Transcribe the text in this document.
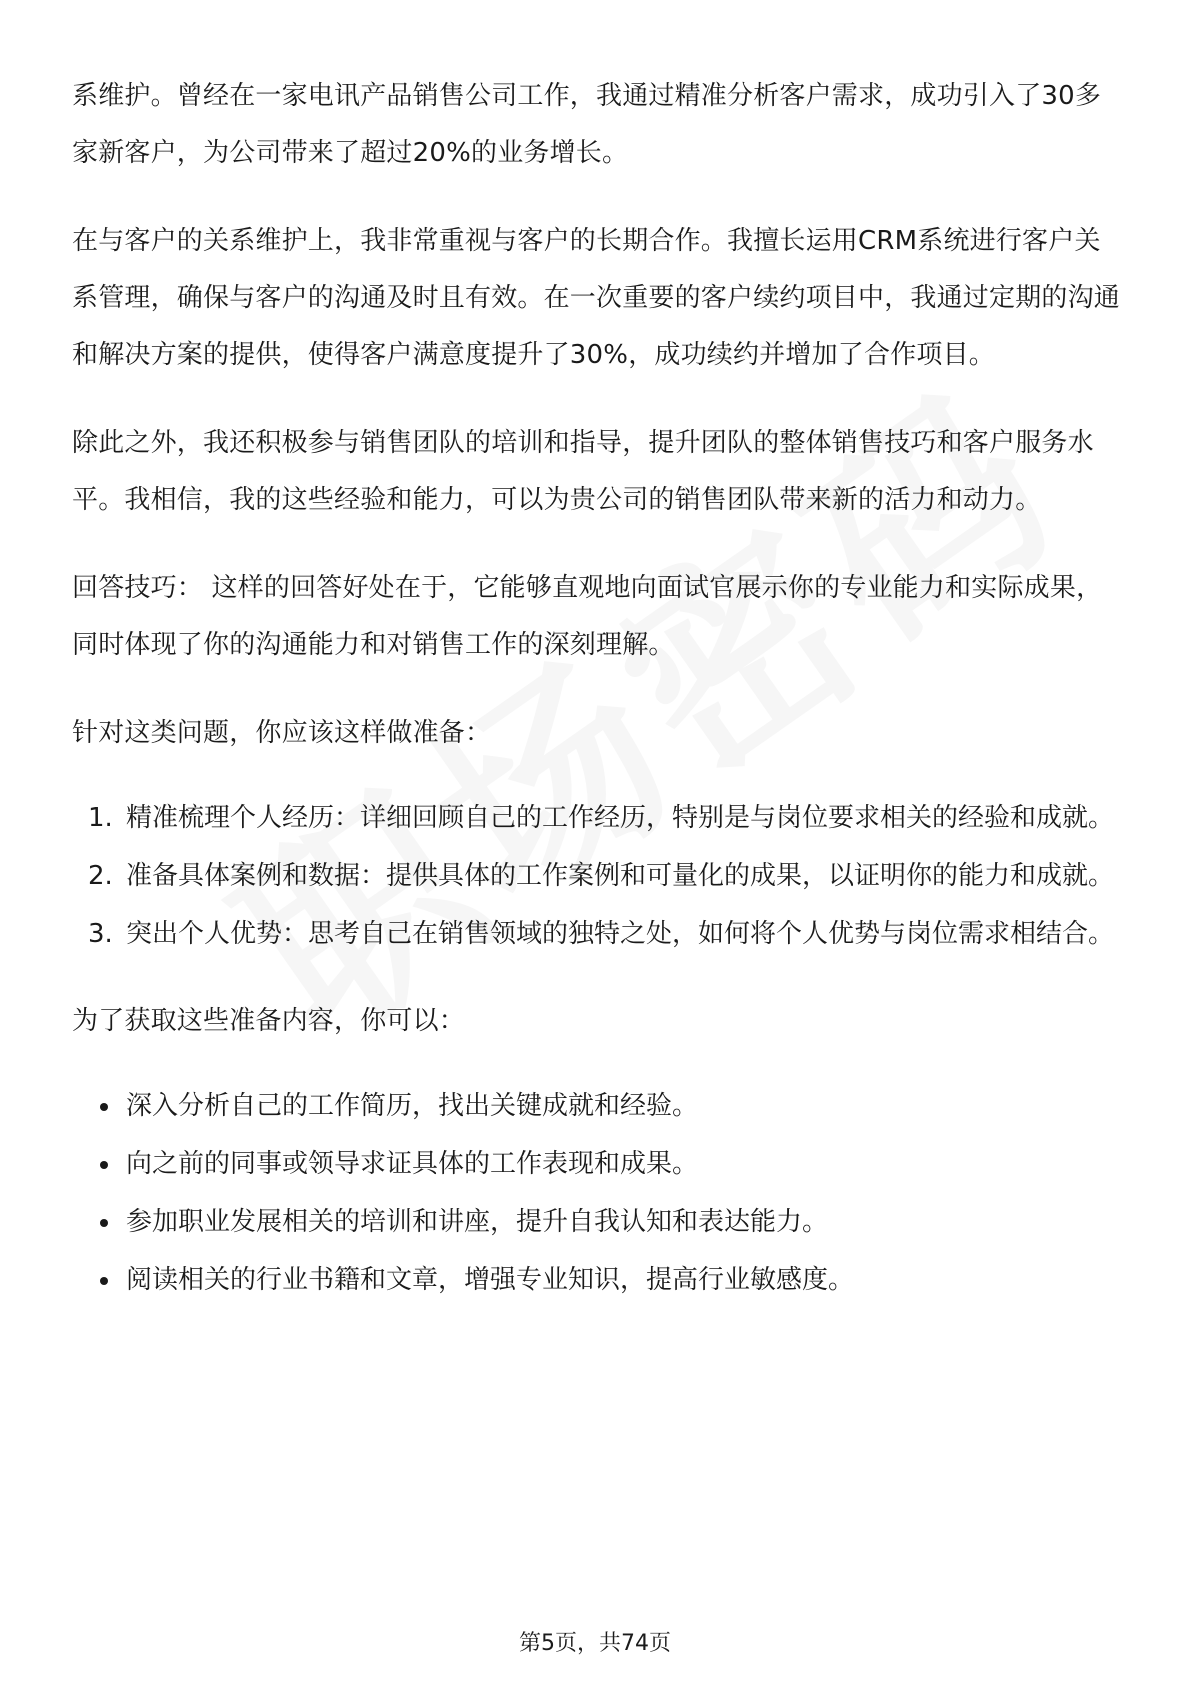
系维护。曾经在一家电讯产品销售公司工作，我通过精准分析客户需求，成功引入了30多家新客户，为公司带来了超过20%的业务增长。

在与客户的关系维护上，我非常重视与客户的长期合作。我擅长运用CRM系统进行客户关系管理，确保与客户的沟通及时且有效。在一次重要的客户续约项目中，我通过定期的沟通和解决方案的提供，使得客户满意度提升了30%，成功续约并增加了合作项目。

除此之外，我还积极参与销售团队的培训和指导，提升团队的整体销售技巧和客户服务水平。我相信，我的这些经验和能力，可以为贵公司的销售团队带来新的活力和动力。

回答技巧： 这样的回答好处在于，它能够直观地向面试官展示你的专业能力和实际成果，同时体现了你的沟通能力和对销售工作的深刻理解。

针对这类问题，你应该这样做准备：

1. 精准梳理个人经历：详细回顾自己的工作经历，特别是与岗位要求相关的经验和成就。
2. 准备具体案例和数据：提供具体的工作案例和可量化的成果，以证明你的能力和成就。
3. 突出个人优势：思考自己在销售领域的独特之处，如何将个人优势与岗位需求相结合。

为了获取这些准备内容，你可以：

深入分析自己的工作简历，找出关键成就和经验。
向之前的同事或领导求证具体的工作表现和成果。
参加职业发展相关的培训和讲座，提升自我认知和表达能力。
阅读相关的行业书籍和文章，增强专业知识，提高行业敏感度。
第5页，共74页
